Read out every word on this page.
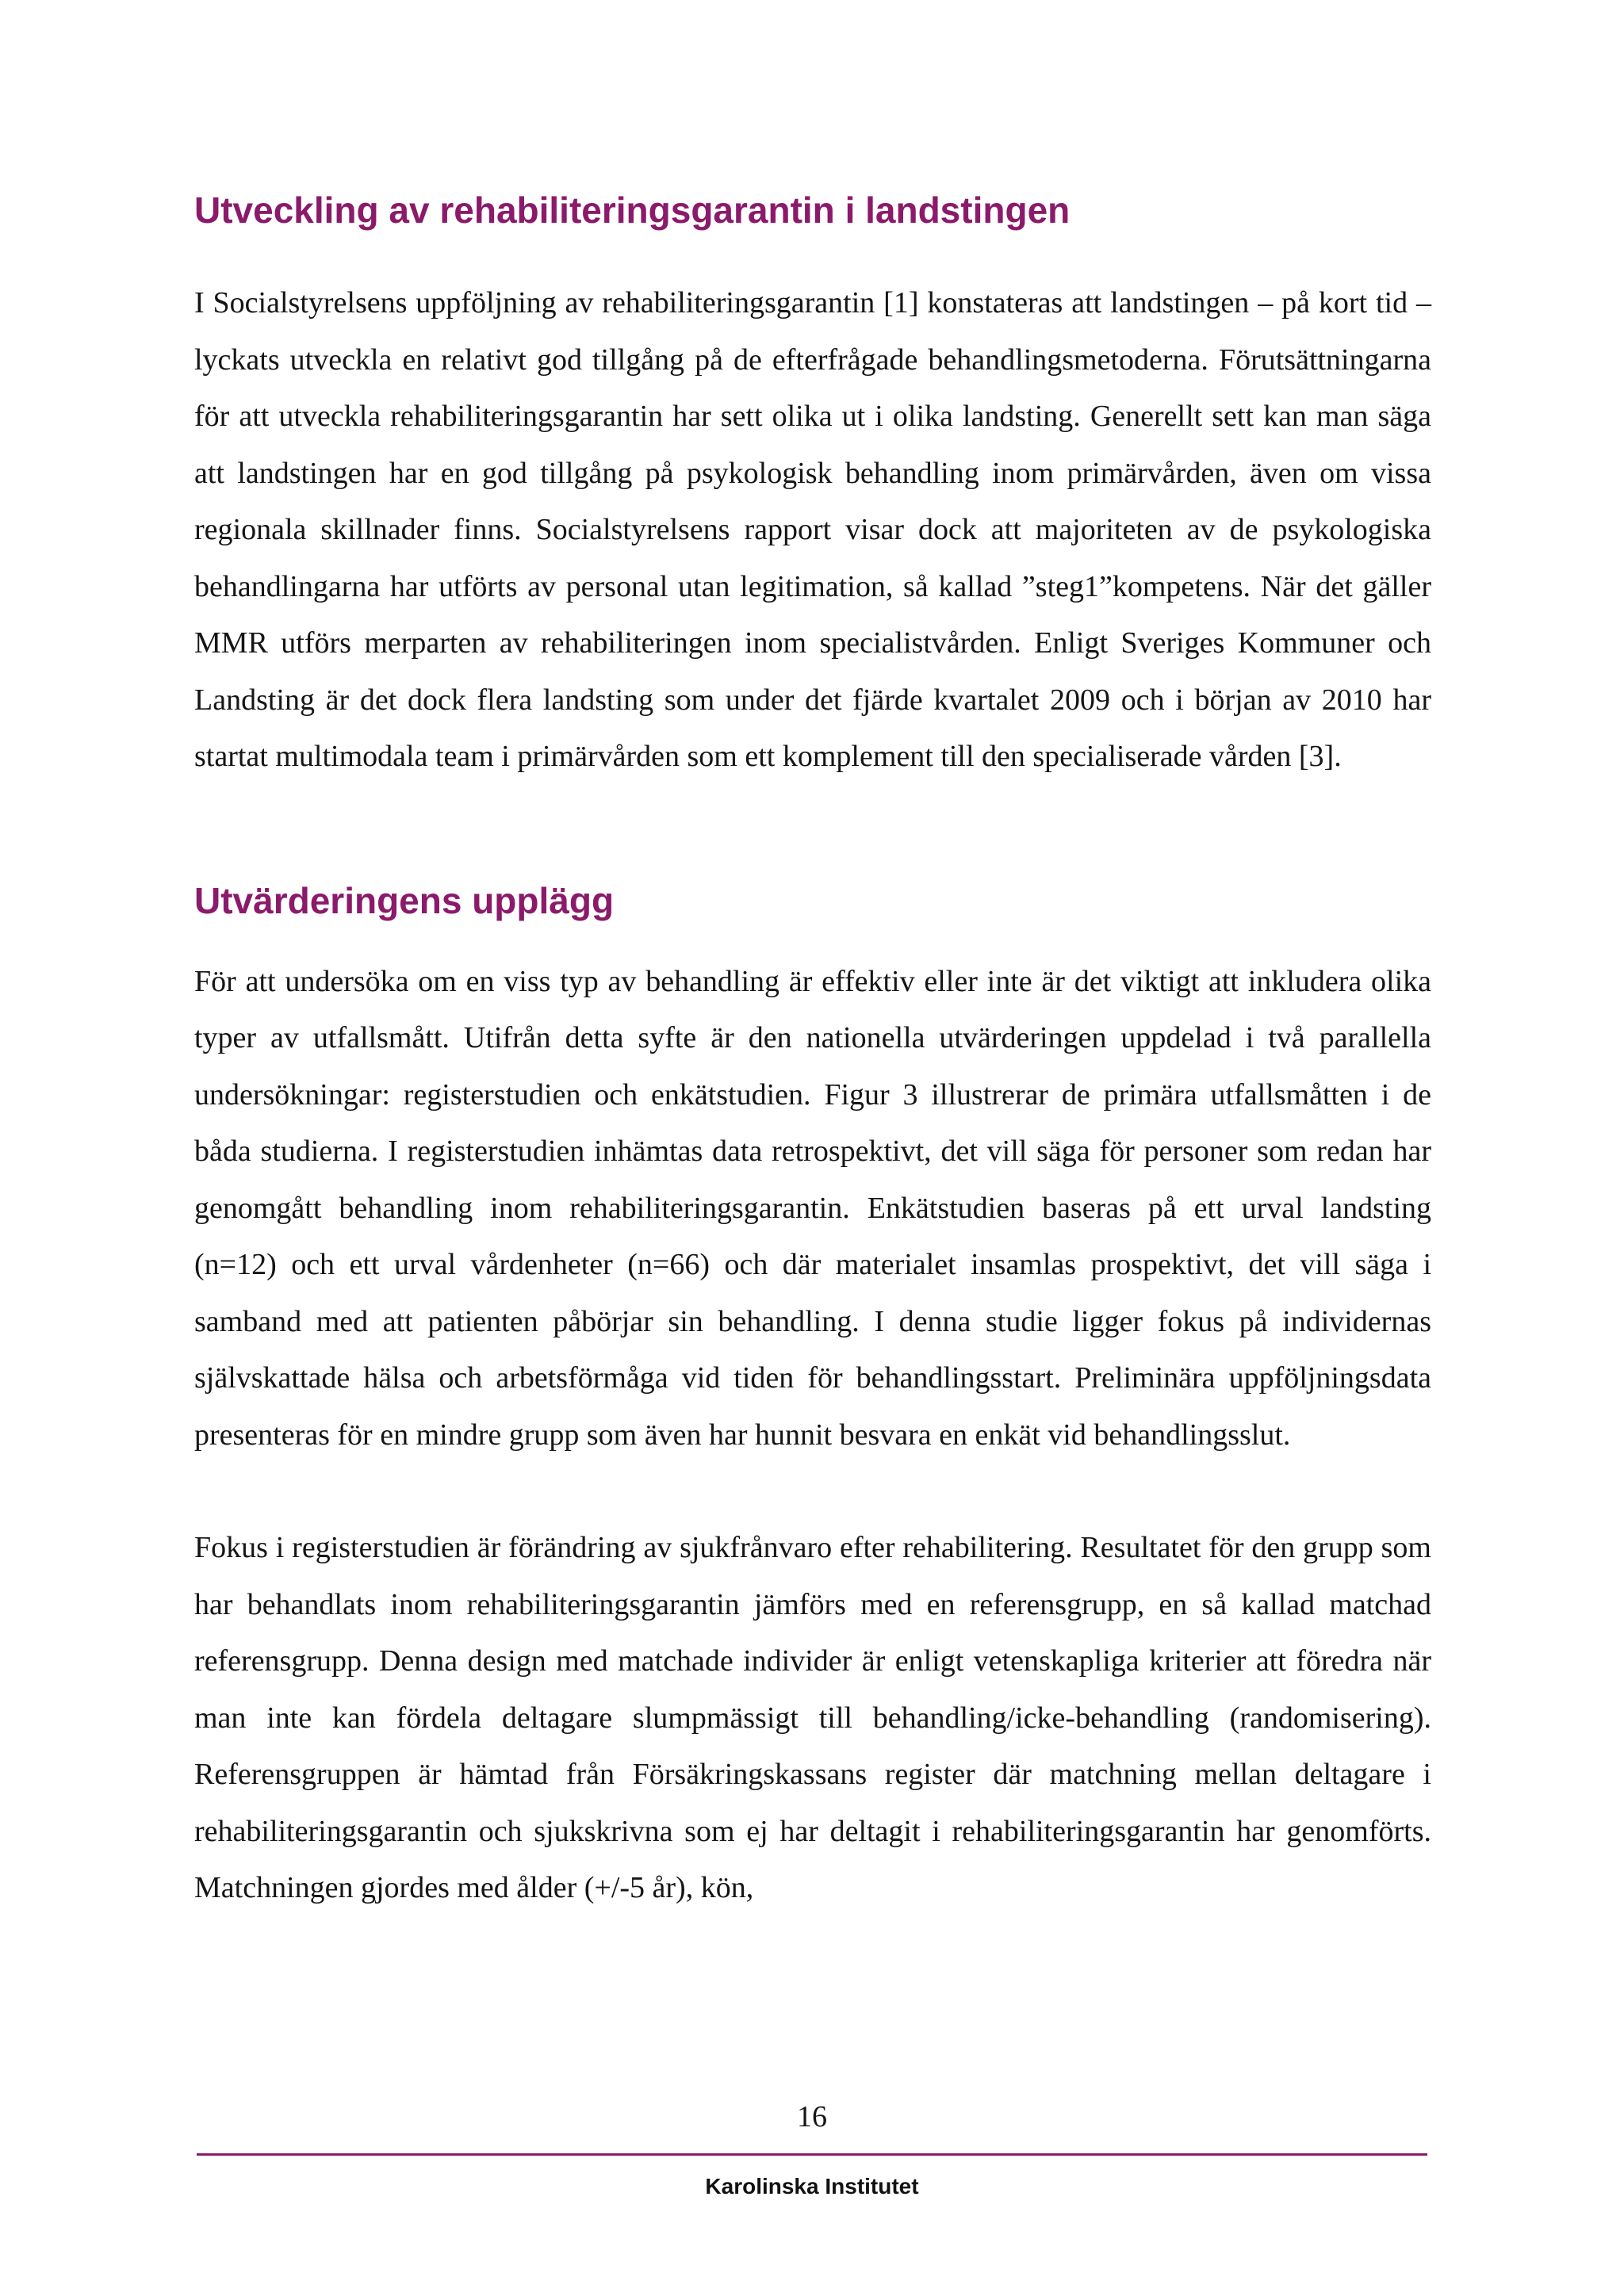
Utveckling av rehabiliteringsgarantin i landstingen

I Socialstyrelsens uppföljning av rehabiliteringsgarantin [1] konstateras att landstingen – på kort tid – lyckats utveckla en relativt god tillgång på de efterfrågade behandlingsmetoderna. Förutsättningarna för att utveckla rehabiliteringsgarantin har sett olika ut i olika landsting. Generellt sett kan man säga att landstingen har en god tillgång på psykologisk behandling inom primärvården, även om vissa regionala skillnader finns. Socialstyrelsens rapport visar dock att majoriteten av de psykologiska behandlingarna har utförts av personal utan legitimation, så kallad ”steg1”kompetens. När det gäller MMR utförs merparten av rehabiliteringen inom specialistvården. Enligt Sveriges Kommuner och Landsting är det dock flera landsting som under det fjärde kvartalet 2009 och i början av 2010 har startat multimodala team i primärvården som ett komplement till den specialiserade vården [3].

Utvärderingens upplägg

För att undersöka om en viss typ av behandling är effektiv eller inte är det viktigt att inkludera olika typer av utfallsmått. Utifrån detta syfte är den nationella utvärderingen uppdelad i två parallella undersökningar: registerstudien och enkätstudien. Figur 3 illustrerar de primära utfallsmåtten i de båda studierna. I registerstudien inhämtas data retrospektivt, det vill säga för personer som redan har genomgått behandling inom rehabiliteringsgarantin. Enkätstudien baseras på ett urval landsting (n=12) och ett urval vårdenheter (n=66) och där materialet insamlas prospektivt, det vill säga i samband med att patienten påbörjar sin behandling. I denna studie ligger fokus på individernas självskattade hälsa och arbetsförmåga vid tiden för behandlingsstart. Preliminära uppföljningsdata presenteras för en mindre grupp som även har hunnit besvara en enkät vid behandlingsslut.

Fokus i registerstudien är förändring av sjukfrånvaro efter rehabilitering. Resultatet för den grupp som har behandlats inom rehabiliteringsgarantin jämförs med en referensgrupp, en så kallad matchad referensgrupp. Denna design med matchade individer är enligt vetenskapliga kriterier att föredra när man inte kan fördela deltagare slumpmässigt till behandling/icke-behandling (randomisering). Referensgruppen är hämtad från Försäkringskassans register där matchning mellan deltagare i rehabiliteringsgarantin och sjukskrivna som ej har deltagit i rehabiliteringsgarantin har genomförts. Matchningen gjordes med ålder (+/-5 år), kön,

16
Karolinska Institutet
